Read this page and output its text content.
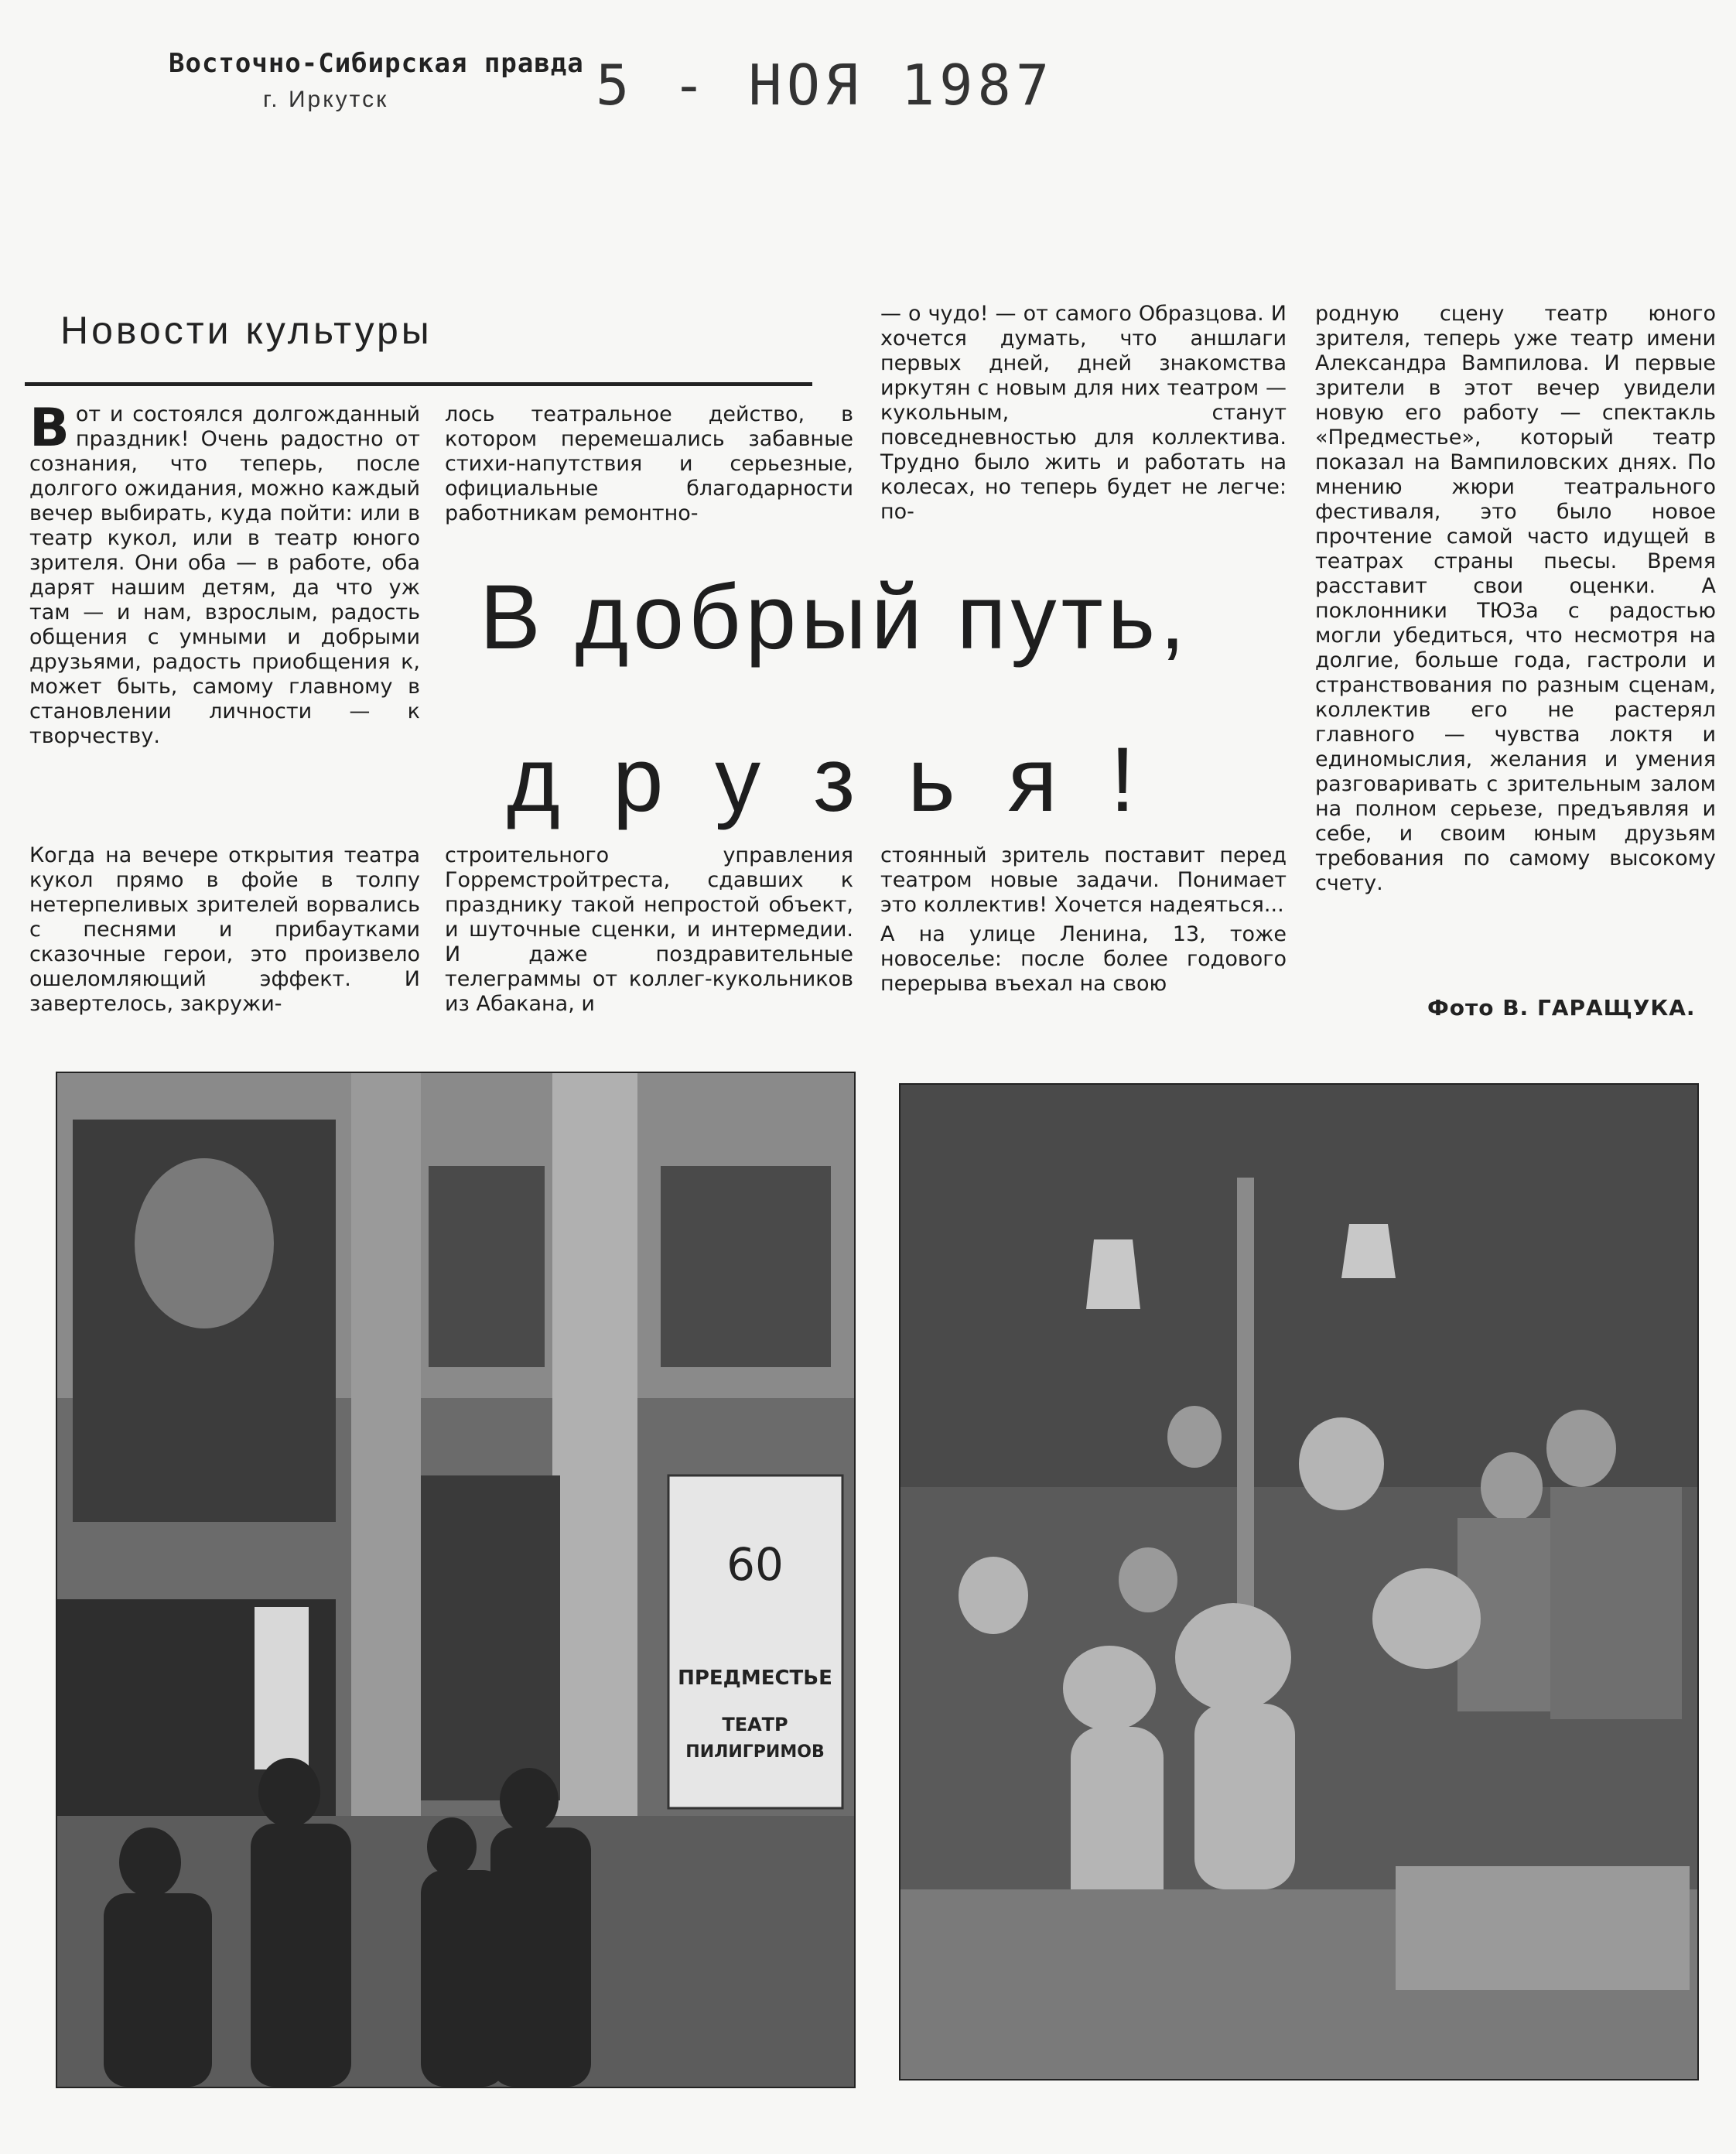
Восточно-Сибирская правда
г. Иркутск	5 - НОЯ 1987
Новости культуры
В от и состоялся долгожданный праздник! Очень радостно от сознания, что теперь, после долгого ожидания, можно каждый вечер выбирать, куда пойти: или в театр кукол, или в театр юного зрителя. Они оба — в работе, оба дарят нашим детям, да что уж там — и нам, взрослым, радость общения с умными и добрыми друзьями, радость приобщения к, может быть, самому главному в становлении личности — к творчеству.

лось театральное действо, в котором перемешались забавные стихи-напутствия и серьезные, официальные благодарности работникам ремонтно-

— о чудо! — от самого Образцова. И хочется думать, что аншлаги первых дней, дней знакомства иркутян с новым для них театром — кукольным, станут повседневностью для коллектива. Трудно было жить и работать на колесах, но теперь будет не легче: по-

родную сцену театр юного зрителя, теперь уже театр имени Александра Вампилова. И первые зрители в этот вечер увидели новую его работу — спектакль «Предместье», который театр показал на Вампиловских днях. По мнению жюри театрального фестиваля, это было новое прочтение самой часто идущей в театрах страны пьесы. Время расставит свои оценки. А поклонники ТЮЗа с радостью могли убедиться, что несмотря на долгие, больше года, гастроли и странствования по разным сценам, коллектив его не растерял главного — чувства локтя и единомыслия, желания и умения разговаривать с зрительным залом на полном серьезе, предъявляя и себе, и своим юным друзьям требования по самому высокому счету.

В добрый путь,
друзья!

Когда на вечере открытия театра кукол прямо в фойе в толпу нетерпеливых зрителей ворвались с песнями и прибаутками сказочные герои, это произвело ошеломляющий эффект. И завертелось, закружи-

строительного управления Горремстройтреста, сдавших к празднику такой непростой объект, и шуточные сценки, и интермедии. И даже поздравительные телеграммы от коллег-кукольников из Абакана, и

стоянный зритель поставит перед театром новые задачи. Понимает это коллектив! Хочется надеяться...

А на улице Ленина, 13, тоже новоселье: после более годового перерыва въехал на свою

Фото В. ГАРАЩУКА.
60
ПРЕДМЕСТЬЕ
ТЕАТР
ПИЛИГРИМОВ
